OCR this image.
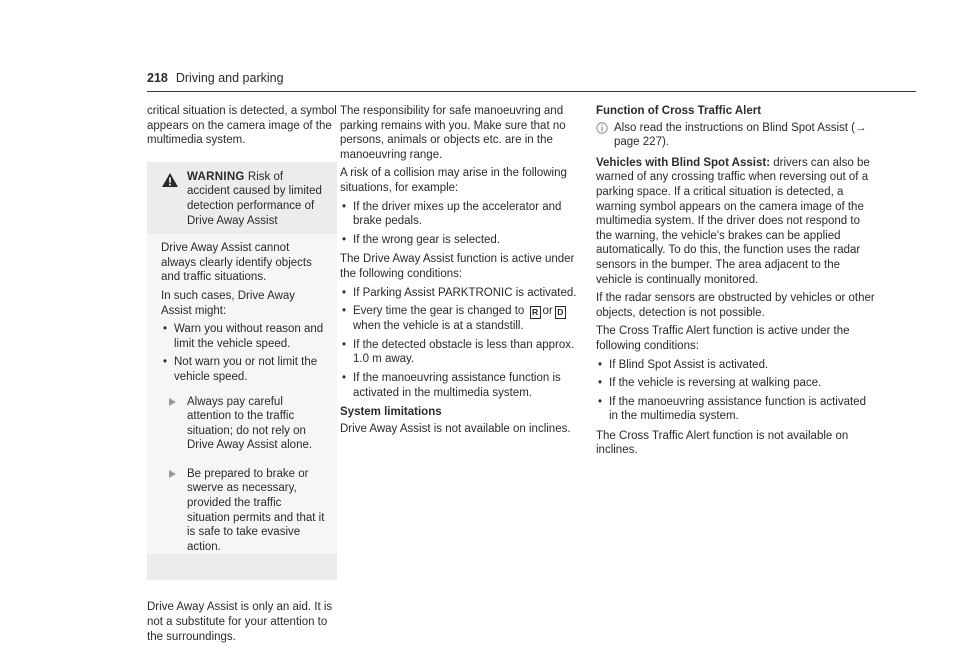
218 Driving and parking

critical situation is detected, a symbol appears on the camera image of the multimedia system.

WARNING Risk of accident caused by limited detection performance of Drive Away Assist

Drive Away Assist cannot always clearly identify objects and traffic situations.

In such cases, Drive Away Assist might:

• Warn you without reason and limit the vehicle speed.
• Not warn you or not limit the vehicle speed.
Always pay careful attention to the traffic situation; do not rely on Drive Away Assist alone.
Be prepared to brake or swerve as necessary, provided the traffic situation permits and that it is safe to take evasive action.

Drive Away Assist is only an aid. It is not a substitute for your attention to the surroundings.

The responsibility for safe manoeuvring and parking remains with you. Make sure that no persons, animals or objects etc. are in the manoeuvring range.

A risk of a collision may arise in the following situations, for example:

• If the driver mixes up the accelerator and brake pedals.
• If the wrong gear is selected.

The Drive Away Assist function is active under the following conditions:

• If Parking Assist PARKTRONIC is activated.
• Every time the gear is changed to R or D when the vehicle is at a standstill.
• If the detected obstacle is less than approx. 1.0 m away.
• If the manoeuvring assistance function is activated in the multimedia system.
System limitations

Drive Away Assist is not available on inclines.

Function of Cross Traffic Alert
Also read the instructions on Blind Spot Assist (→ page 227).

Vehicles with Blind Spot Assist: drivers can also be warned of any crossing traffic when reversing out of a parking space. If a critical situation is detected, a warning symbol appears on the camera image of the multimedia system. If the driver does not respond to the warning, the vehicle's brakes can be applied automatically. To do this, the function uses the radar sensors in the bumper. The area adjacent to the vehicle is continually monitored.

If the radar sensors are obstructed by vehicles or other objects, detection is not possible.

The Cross Traffic Alert function is active under the following conditions:

• If Blind Spot Assist is activated.
• If the vehicle is reversing at walking pace.
• If the manoeuvring assistance function is activated in the multimedia system.

The Cross Traffic Alert function is not available on inclines.
